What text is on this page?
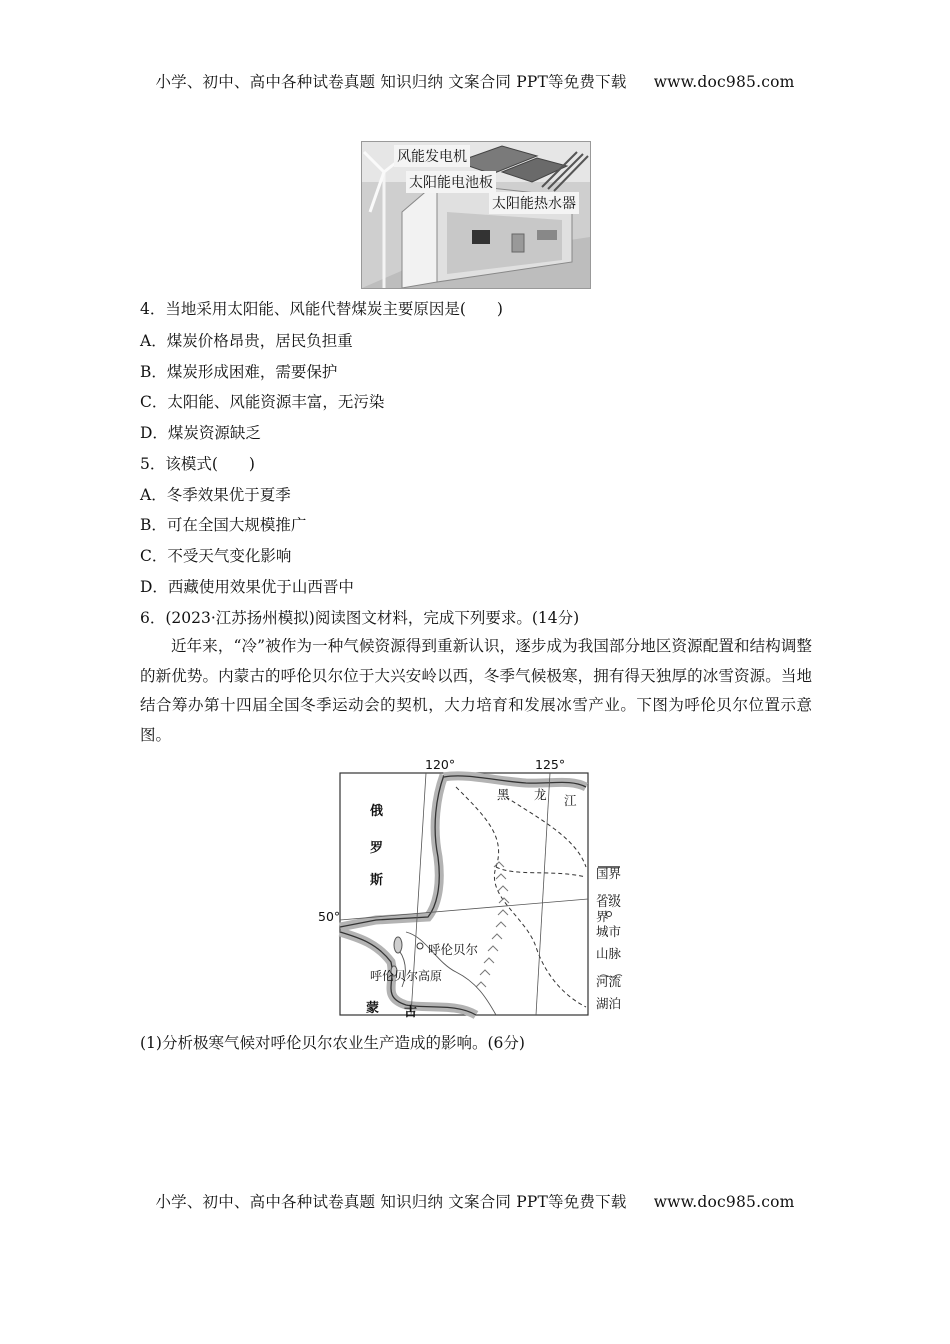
小学、初中、高中各种试卷真题 知识归纳 文案合同 PPT等免费下载 www.doc985.com
风能发电机
太阳能电池板
太阳能热水器
4．当地采用太阳能、风能代替煤炭主要原因是(　　)
A．煤炭价格昂贵，居民负担重
B．煤炭形成困难，需要保护
C．太阳能、风能资源丰富，无污染
D．煤炭资源缺乏
5．该模式(　　)
A．冬季效果优于夏季
B．可在全国大规模推广
C．不受天气变化影响
D．西藏使用效果优于山西晋中
6．(2023·江苏扬州模拟)阅读图文材料，完成下列要求。(14分)
近年来，“冷”被作为一种气候资源得到重新认识，逐步成为我国部分地区资源配置和结构调整的新优势。内蒙古的呼伦贝尔位于大兴安岭以西，冬季气候极寒，拥有得天独厚的冰雪资源。当地结合筹办第十四届全国冬季运动会的契机，大力培育和发展冰雪产业。下图为呼伦贝尔位置示意图。
120°	125°
50°
俄
罗
斯
黑 龙 江
蒙 古
呼伦贝尔
呼伦贝尔高原
国界
省级界
城市
山脉
河流
湖泊
(1)分析极寒气候对呼伦贝尔农业生产造成的影响。(6分)
小学、初中、高中各种试卷真题 知识归纳 文案合同 PPT等免费下载 www.doc985.com
